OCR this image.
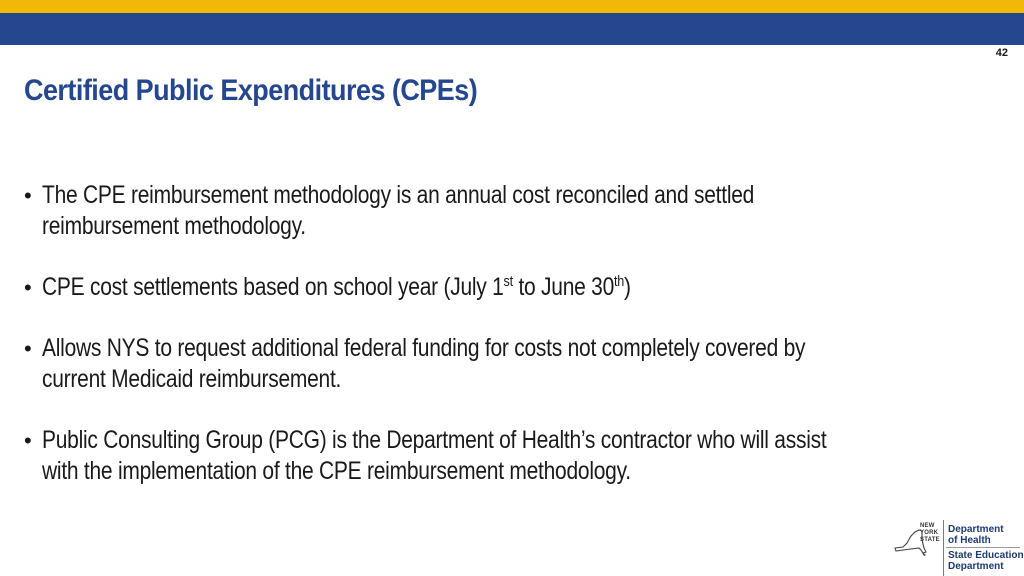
42
Certified Public Expenditures (CPEs)
• The CPE reimbursement methodology is an annual cost reconciled and settled reimbursement methodology.
• CPE cost settlements based on school year (July 1st to June 30th)
• Allows NYS to request additional federal funding for costs not completely covered by current Medicaid reimbursement.
• Public Consulting Group (PCG) is the Department of Health’s contractor who will assist with the implementation of the CPE reimbursement methodology.
NEW
YORK
STATE
Department
of Health
State Education
Department
